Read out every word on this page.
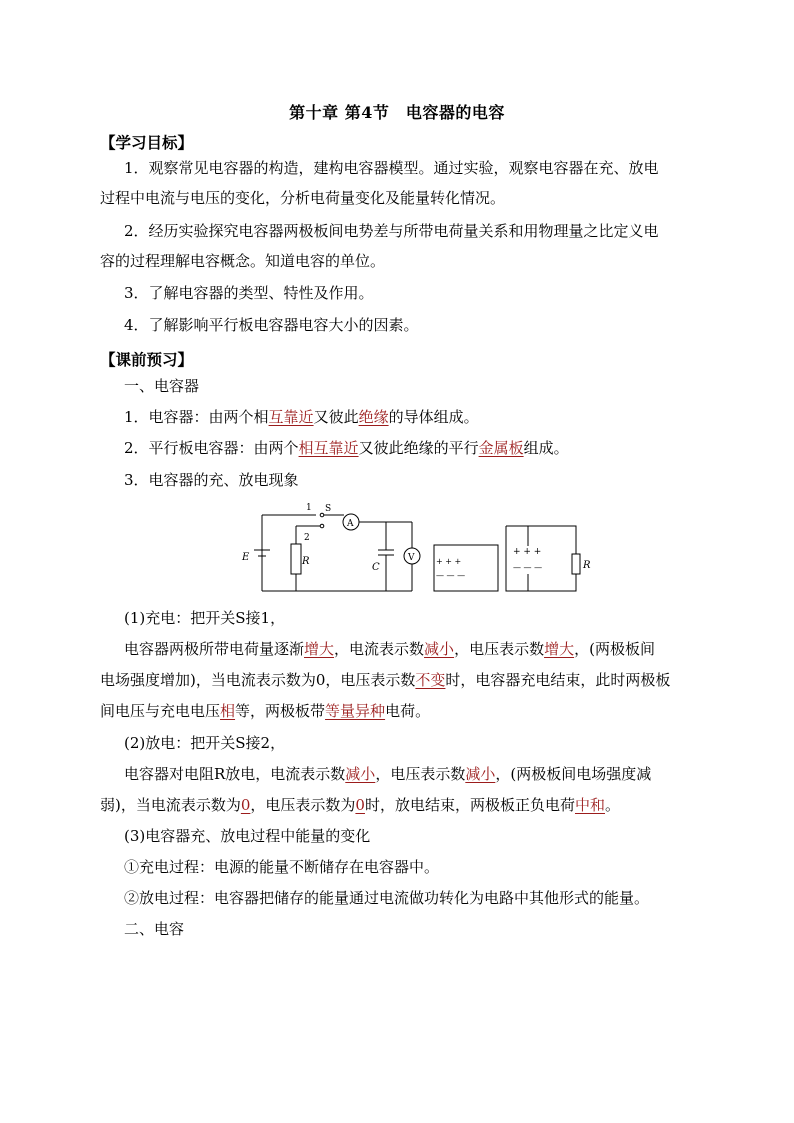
第十章 第4节　电容器的电容
【学习目标】
1．观察常见电容器的构造，建构电容器模型。通过实验，观察电容器在充、放电
过程中电流与电压的变化，分析电荷量变化及能量转化情况。
2．经历实验探究电容器两极板间电势差与所带电荷量关系和用物理量之比定义电
容的过程理解电容概念。知道电容的单位。
3．了解电容器的类型、特性及作用。
4．了解影响平行板电容器电容大小的因素。
【课前预习】
一、电容器
1．电容器：由两个相互靠近又彼此绝缘的导体组成。
2．平行板电容器：由两个相互靠近又彼此绝缘的平行金属板组成。
3．电容器的充、放电现象
E	R
C
S
1
2
A
V	+ + +
— — —
+ + +
— — —	R
(1)充电：把开关S接1，
电容器两极所带电荷量逐渐增大，电流表示数减小，电压表示数增大，(两极板间
电场强度增加)，当电流表示数为0，电压表示数不变时，电容器充电结束，此时两极板
间电压与充电电压相等，两极板带等量异种电荷。
(2)放电：把开关S接2，
电容器对电阻R放电，电流表示数减小，电压表示数减小，(两极板间电场强度减
弱)，当电流表示数为0，电压表示数为0时，放电结束，两极板正负电荷中和。
(3)电容器充、放电过程中能量的变化
①充电过程：电源的能量不断储存在电容器中。
②放电过程：电容器把储存的能量通过电流做功转化为电路中其他形式的能量。
二、电容
